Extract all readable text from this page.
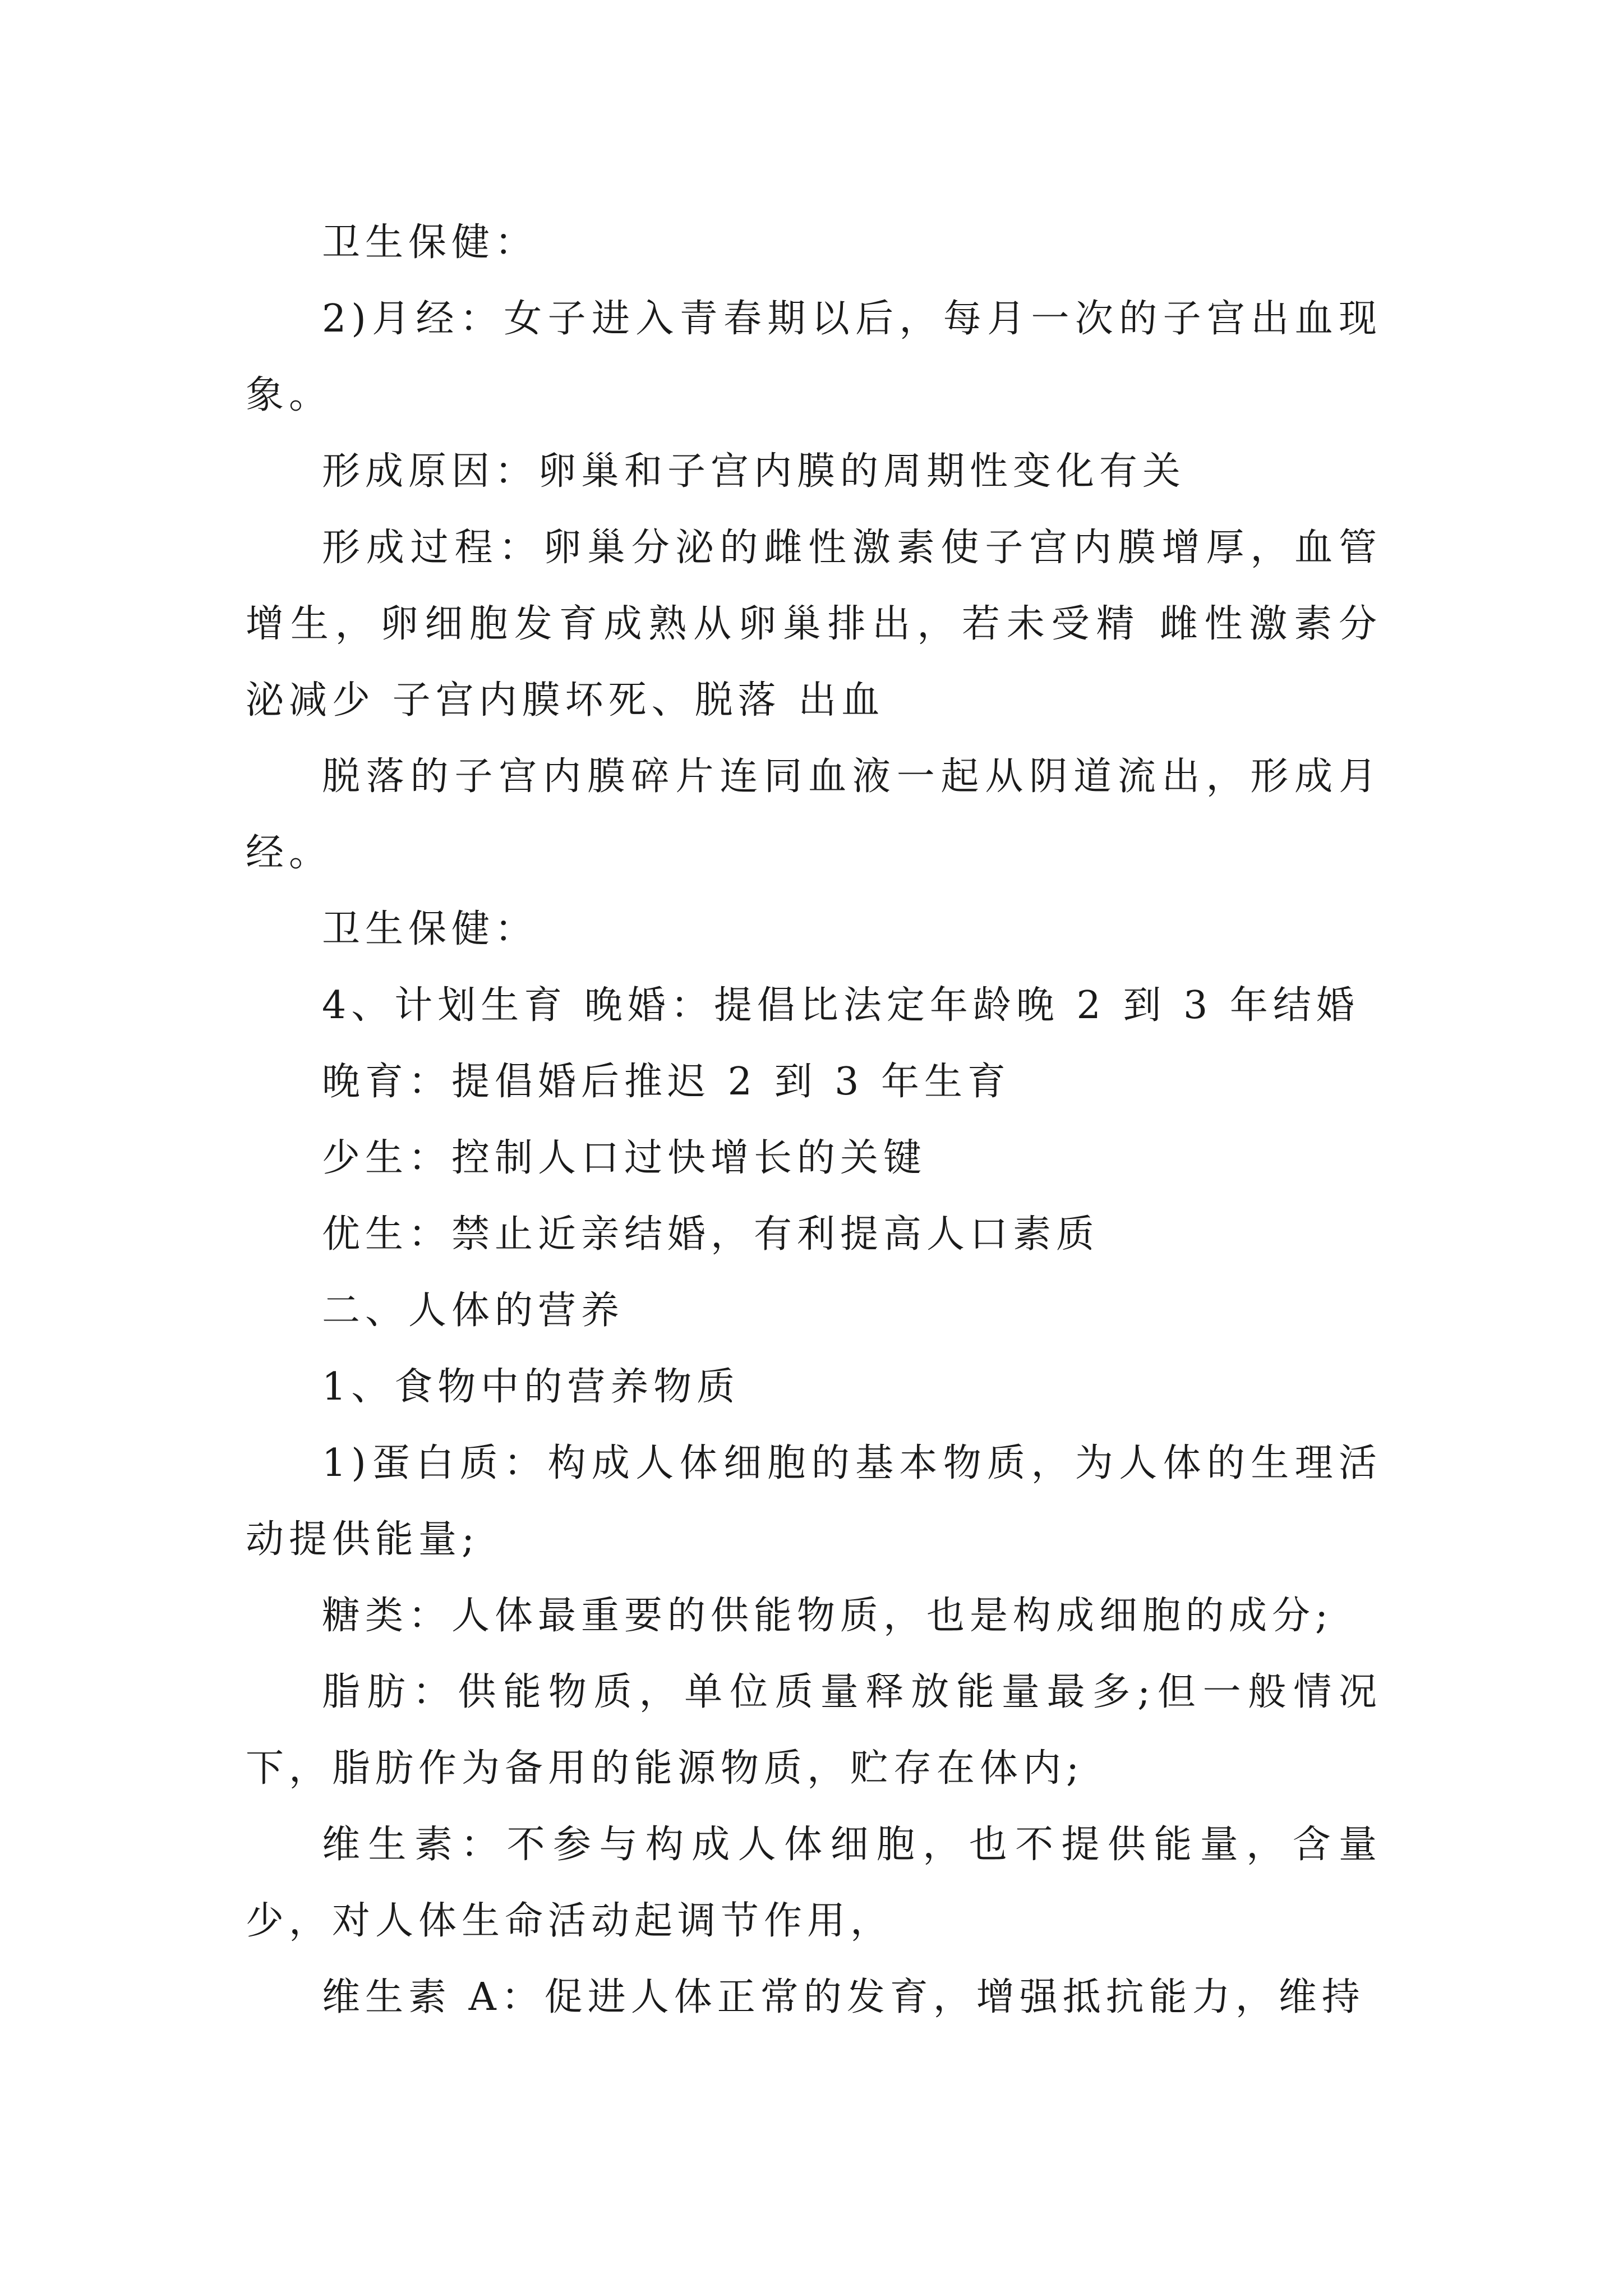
卫生保健：

2)月经：女子进入青春期以后，每月一次的子宫出血现象。

形成原因：卵巢和子宫内膜的周期性变化有关

形成过程：卵巢分泌的雌性激素使子宫内膜增厚，血管增生，卵细胞发育成熟从卵巢排出，若未受精 雌性激素分泌减少 子宫内膜坏死、脱落 出血

脱落的子宫内膜碎片连同血液一起从阴道流出，形成月经。

卫生保健：

4、计划生育 晚婚：提倡比法定年龄晚 2 到 3 年结婚

晚育：提倡婚后推迟 2 到 3 年生育

少生：控制人口过快增长的关键

优生：禁止近亲结婚，有利提高人口素质

二、人体的营养

1、食物中的营养物质

1)蛋白质：构成人体细胞的基本物质，为人体的生理活动提供能量;

糖类：人体最重要的供能物质，也是构成细胞的成分;

脂肪：供能物质，单位质量释放能量最多;但一般情况下，脂肪作为备用的能源物质，贮存在体内;

维生素：不参与构成人体细胞，也不提供能量，含量少，对人体生命活动起调节作用，

维生素 A：促进人体正常的发育，增强抵抗能力，维持
